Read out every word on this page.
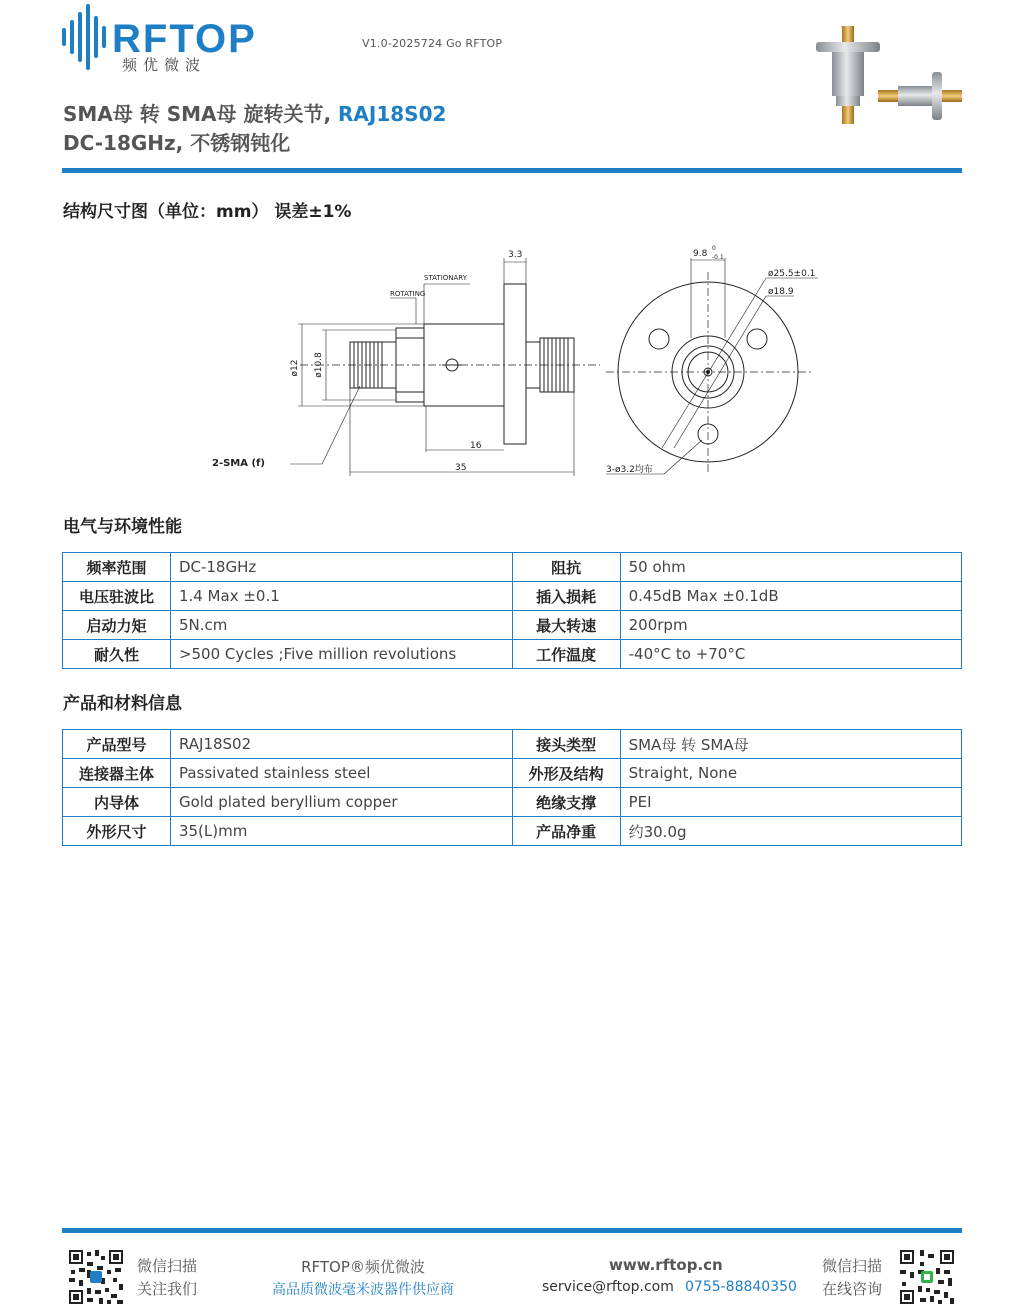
RFTOP
频优微波
V1.0-2025724 Go RFTOP
SMA母 转 SMA母 旋转关节, RAJ18S02
DC-18GHz, 不锈钢钝化
结构尺寸图（单位：mm） 误差±1%
STATIONARY
ROTATING
ø12 ø10.8
3.3
16
35
2-SMA (f)
9.8
0
-0.1
ø25.5±0.1
ø18.9
3-ø3.2均布
电气与环境性能
频率范围	DC-18GHz	阻抗	50 ohm
电压驻波比	1.4 Max ±0.1	插入损耗	0.45dB Max ±0.1dB
启动力矩	5N.cm	最大转速	200rpm
耐久性	>500 Cycles ;Five million revolutions	工作温度	-40°C to +70°C
产品和材料信息
产品型号	RAJ18S02	接头类型	SMA母 转 SMA母
连接器主体	Passivated stainless steel	外形及结构	Straight, None
内导体	Gold plated beryllium copper	绝缘支撑	PEI
外形尺寸	35(L)mm	产品净重	约30.0g
微信扫描
关注我们
RFTOP®频优微波
高品质微波毫米波器件供应商
www.rftop.cn
service@rftop.com 0755-88840350
微信扫描
在线咨询
